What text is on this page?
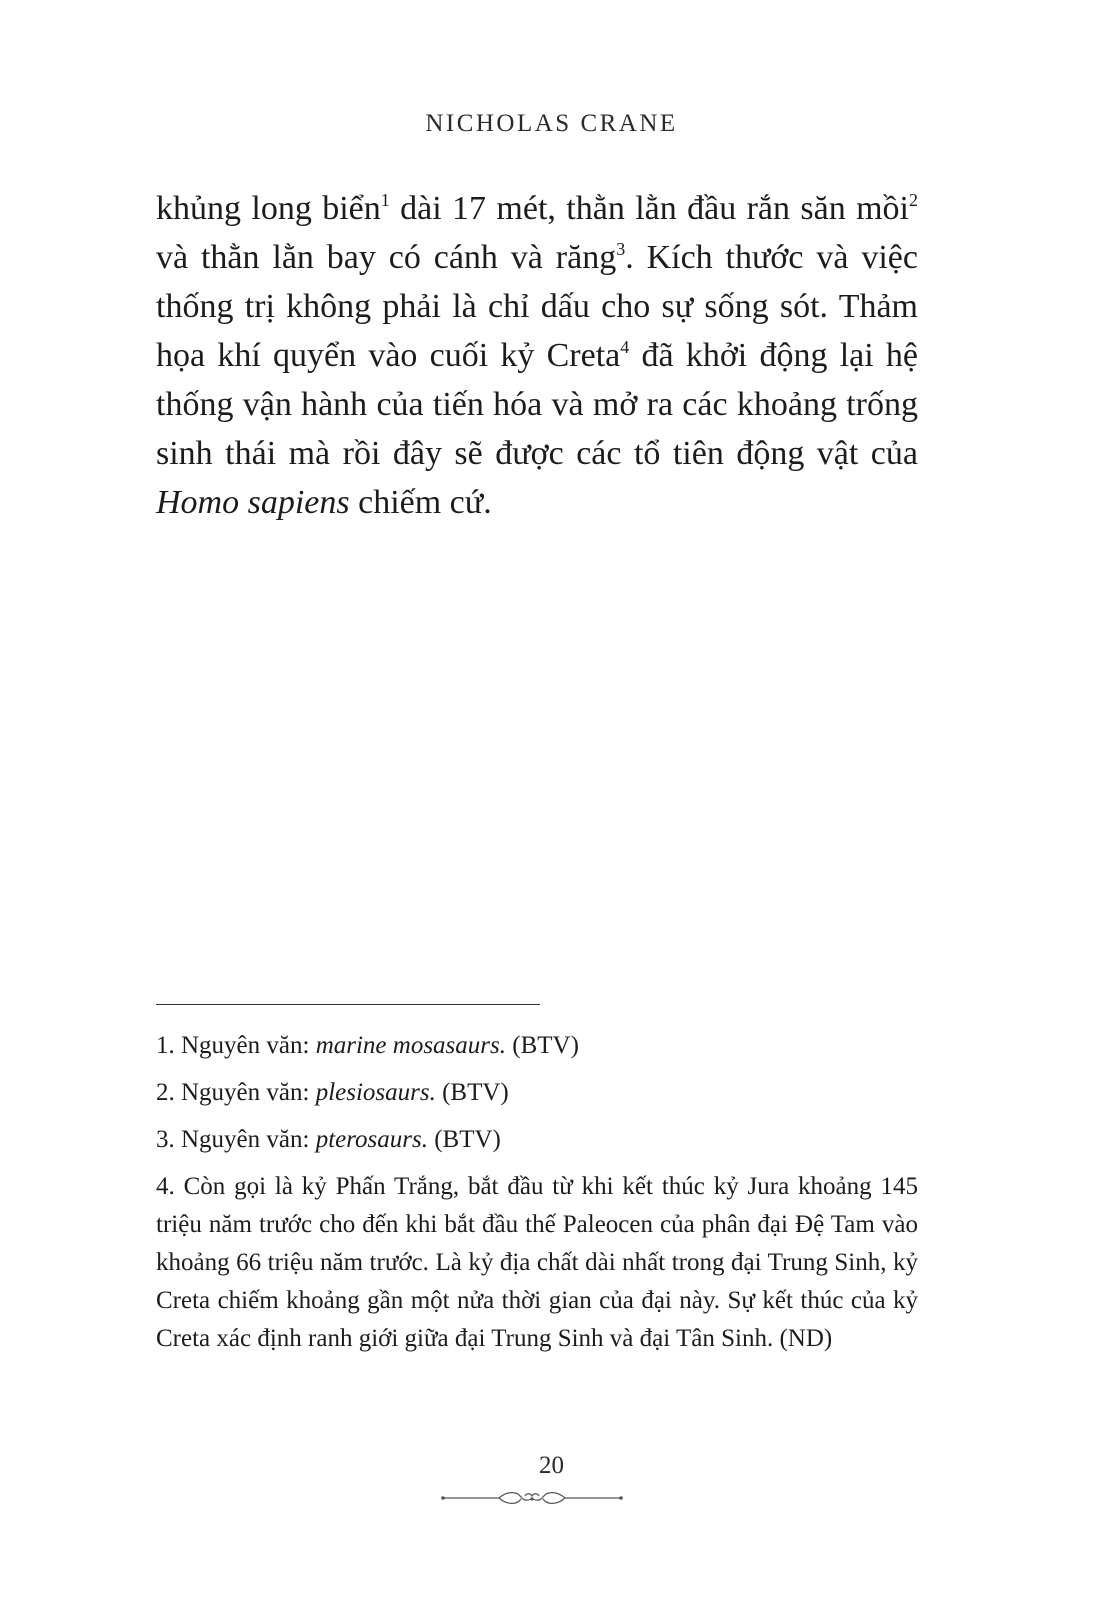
NICHOLAS CRANE

khủng long biển$^1$ dài 17 mét, thằn lằn đầu rắn săn mồi$^2$ và thằn lằn bay có cánh và răng$^3$. Kích thước và việc thống trị không phải là chỉ dấu cho sự sống sót. Thảm họa khí quyển vào cuối kỷ Creta$^4$ đã khởi động lại hệ thống vận hành của tiến hóa và mở ra các khoảng trống sinh thái mà rồi đây sẽ được các tổ tiên động vật của Homo sapiens chiếm cứ.

1. Nguyên văn: marine mosasaurs. (BTV)
2. Nguyên văn: plesiosaurs. (BTV)
3. Nguyên văn: pterosaurs. (BTV)
4. Còn gọi là kỷ Phấn Trắng, bắt đầu từ khi kết thúc kỷ Jura khoảng 145 triệu năm trước cho đến khi bắt đầu thế Paleocen của phân đại Đệ Tam vào khoảng 66 triệu năm trước. Là kỷ địa chất dài nhất trong đại Trung Sinh, kỷ Creta chiếm khoảng gần một nửa thời gian của đại này. Sự kết thúc của kỷ Creta xác định ranh giới giữa đại Trung Sinh và đại Tân Sinh. (ND)
20
